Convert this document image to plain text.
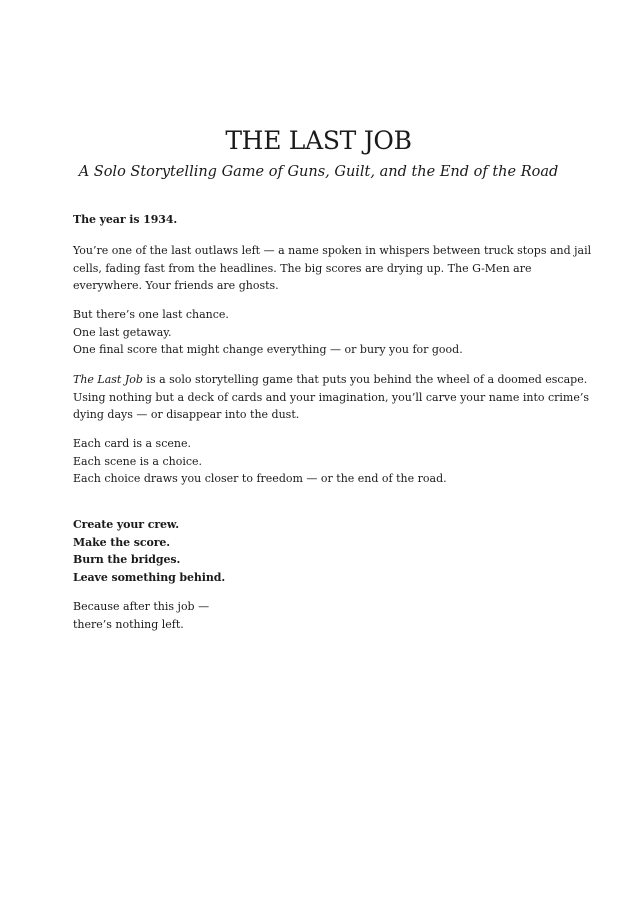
THE LAST JOB

A Solo Storytelling Game of Guns, Guilt, and the End of the Road

The year is 1934.

You’re one of the last outlaws left — a name spoken in whispers between truck stops and jail
cells, fading fast from the headlines. The big scores are drying up. The G-Men are
everywhere. Your friends are ghosts.

But there’s one last chance.
One last getaway.
One final score that might change everything — or bury you for good.

The Last Job is a solo storytelling game that puts you behind the wheel of a doomed escape.
Using nothing but a deck of cards and your imagination, you’ll carve your name into crime’s
dying days — or disappear into the dust.

Each card is a scene.
Each scene is a choice.
Each choice draws you closer to freedom — or the end of the road.

Create your crew.
Make the score.
Burn the bridges.
Leave something behind.

Because after this job —
there’s nothing left.
